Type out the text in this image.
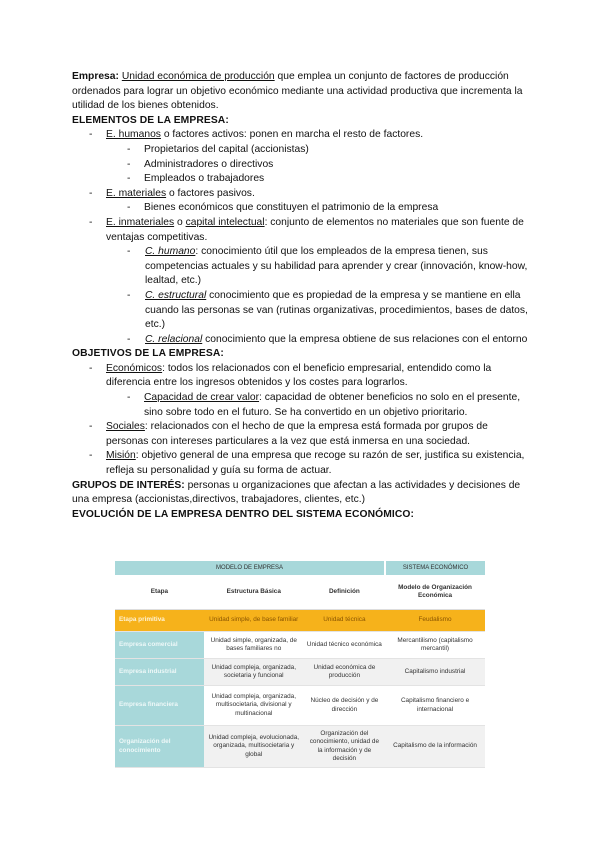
Empresa: Unidad económica de producción que emplea un conjunto de factores de producción ordenados para lograr un objetivo económico mediante una actividad productiva que incrementa la utilidad de los bienes obtenidos.

ELEMENTOS DE LA EMPRESA:

- E. humanos o factores activos: ponen en marcha el resto de factores.

- Propietarios del capital (accionistas)

- Administradores o directivos

- Empleados o trabajadores

- E. materiales o factores pasivos.

- Bienes económicos que constituyen el patrimonio de la empresa

- E. inmateriales o capital intelectual: conjunto de elementos no materiales que son fuente de ventajas competitivas.

- C. humano: conocimiento útil que los empleados de la empresa tienen, sus competencias actuales y su habilidad para aprender y crear (innovación, know-how, lealtad, etc.)

- C. estructural conocimiento que es propiedad de la empresa y se mantiene en ella cuando las personas se van (rutinas organizativas, procedimientos, bases de datos, etc.)

- C. relacional conocimiento que la empresa obtiene de sus relaciones con el entorno

OBJETIVOS DE LA EMPRESA:

- Económicos: todos los relacionados con el beneficio empresarial, entendido como la diferencia entre los ingresos obtenidos y los costes para lograrlos.

- Capacidad de crear valor: capacidad de obtener beneficios no solo en el presente, sino sobre todo en el futuro. Se ha convertido en un objetivo prioritario.

- Sociales: relacionados con el hecho de que la empresa está formada por grupos de personas con intereses particulares a la vez que está inmersa en una sociedad.

- Misión: objetivo general de una empresa que recoge su razón de ser, justifica su existencia, refleja su personalidad y guía su forma de actuar.

GRUPOS DE INTERÉS: personas u organizaciones que afectan a las actividades y decisiones de una empresa (accionistas,directivos, trabajadores, clientes, etc.)

EVOLUCIÓN DE LA EMPRESA DENTRO DEL SISTEMA ECONÓMICO:

MODELO DE EMPRESA			SISTEMA ECONÓMICO
Etapa	Estructura Básica	Definición	Modelo de Organización Económica
Etapa primitiva	Unidad simple, de base familiar	Unidad técnica	Feudalismo
Empresa comercial	Unidad simple, organizada, de bases familiares no	Unidad técnico económica	Mercantilismo (capitalismo mercantil)
Empresa industrial	Unidad compleja, organizada, societaria y funcional	Unidad económica de producción	Capitalismo industrial
Empresa financiera	Unidad compleja, organizada, multisocietaria, divisional y multinacional	Núcleo de decisión y de dirección	Capitalismo financiero e internacional
Organización del conocimiento	Unidad compleja, evolucionada, organizada, multisocietaria y global	Organización del conocimiento, unidad de la información y de decisión	Capitalismo de la información
